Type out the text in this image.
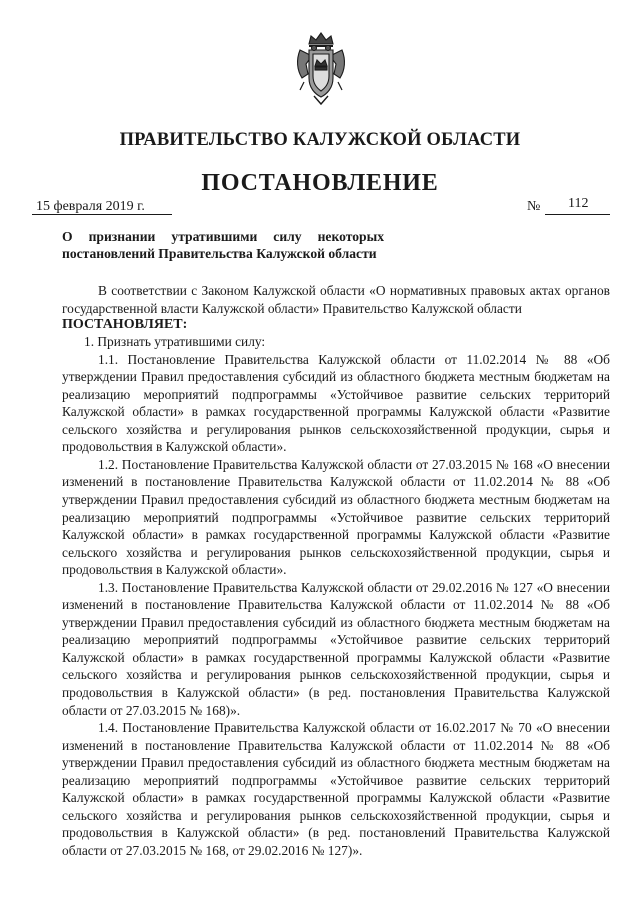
ПРАВИТЕЛЬСТВО КАЛУЖСКОЙ ОБЛАСТИ
ПОСТАНОВЛЕНИЕ
15 февраля 2019 г.	№ 112
О признании утратившими силу некоторых постановлений Правительства Калужской области

В соответствии с Законом Калужской области «О нормативных правовых актах органов государственной власти Калужской области» Правительство Калужской области

ПОСТАНОВЛЯЕТ:

1. Признать утратившими силу:

1.1. Постановление Правительства Калужской области от 11.02.2014 № 88 «Об утверждении Правил предоставления субсидий из областного бюджета местным бюджетам на реализацию мероприятий подпрограммы «Устойчивое развитие сельских территорий Калужской области» в рамках государственной программы Калужской области «Развитие сельского хозяйства и регулирования рынков сельскохозяйственной продукции, сырья и продовольствия в Калужской области».

1.2. Постановление Правительства Калужской области от 27.03.2015 № 168 «О внесении изменений в постановление Правительства Калужской области от 11.02.2014 № 88 «Об утверждении Правил предоставления субсидий из областного бюджета местным бюджетам на реализацию мероприятий подпрограммы «Устойчивое развитие сельских территорий Калужской области» в рамках государственной программы Калужской области «Развитие сельского хозяйства и регулирования рынков сельскохозяйственной продукции, сырья и продовольствия в Калужской области».

1.3. Постановление Правительства Калужской области от 29.02.2016 № 127 «О внесении изменений в постановление Правительства Калужской области от 11.02.2014 № 88 «Об утверждении Правил предоставления субсидий из областного бюджета местным бюджетам на реализацию мероприятий подпрограммы «Устойчивое развитие сельских территорий Калужской области» в рамках государственной программы Калужской области «Развитие сельского хозяйства и регулирования рынков сельскохозяйственной продукции, сырья и продовольствия в Калужской области» (в ред. постановления Правительства Калужской области от 27.03.2015 № 168)».

1.4. Постановление Правительства Калужской области от 16.02.2017 № 70 «О внесении изменений в постановление Правительства Калужской области от 11.02.2014 № 88 «Об утверждении Правил предоставления субсидий из областного бюджета местным бюджетам на реализацию мероприятий подпрограммы «Устойчивое развитие сельских территорий Калужской области» в рамках государственной программы Калужской области «Развитие сельского хозяйства и регулирования рынков сельскохозяйственной продукции, сырья и продовольствия в Калужской области» (в ред. постановлений Правительства Калужской области от 27.03.2015 № 168, от 29.02.2016 № 127)».
